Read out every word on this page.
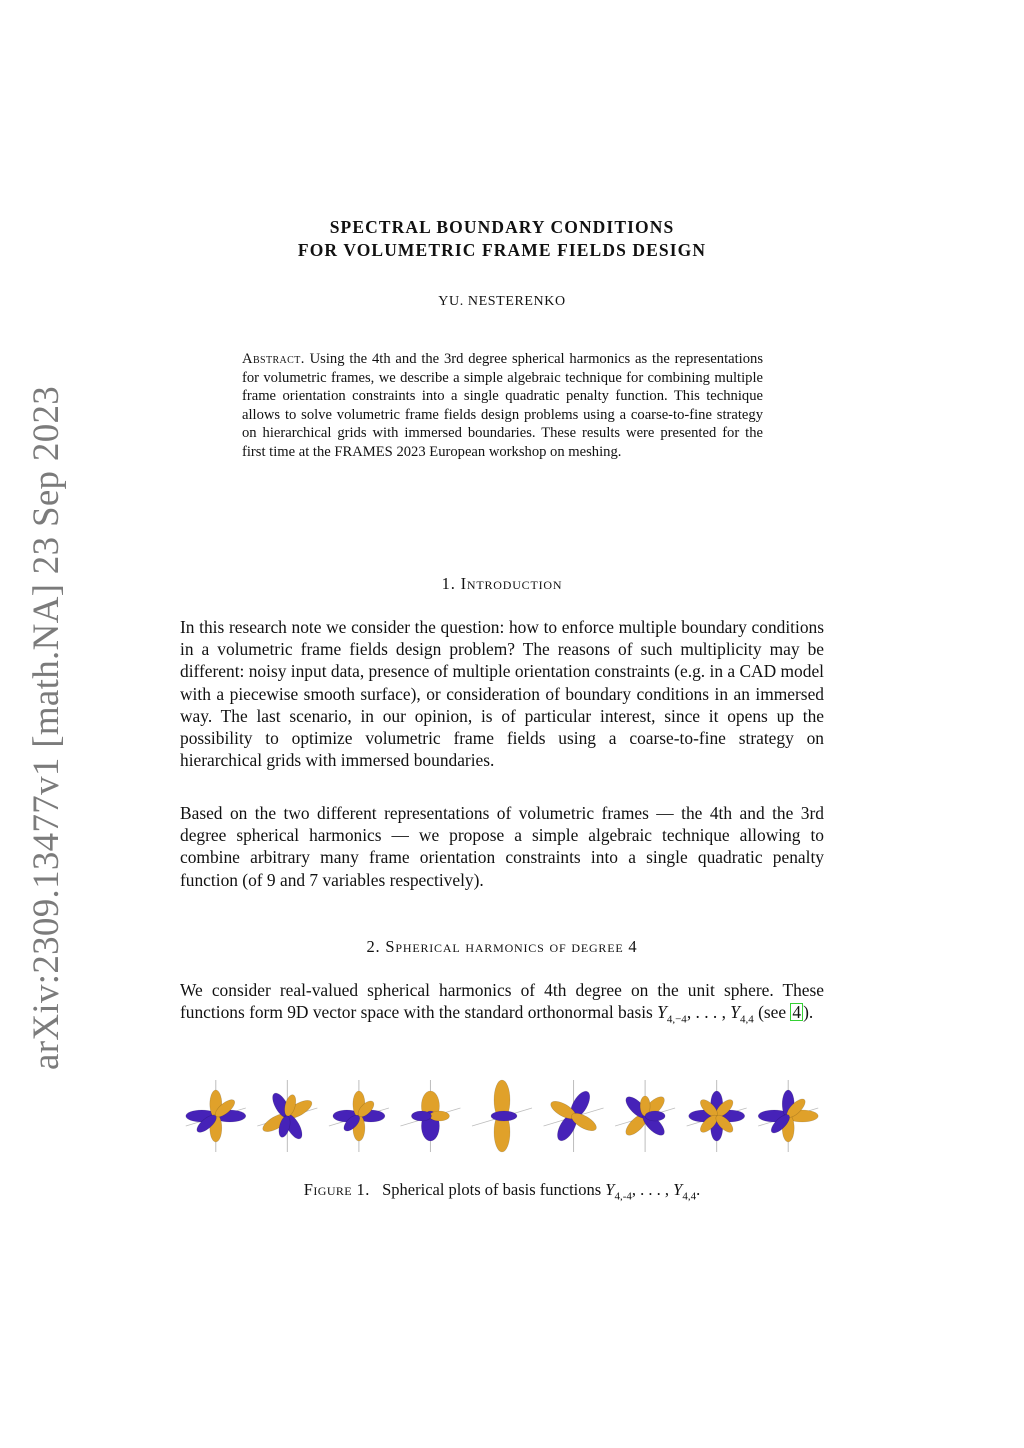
arXiv:2309.13477v1 [math.NA] 23 Sep 2023
SPECTRAL BOUNDARY CONDITIONS
FOR VOLUMETRIC FRAME FIELDS DESIGN
YU. NESTERENKO
Abstract. Using the 4th and the 3rd degree spherical harmonics as the representations for volumetric frames, we describe a simple algebraic technique for combining multiple frame orientation constraints into a single quadratic penalty function. This technique allows to solve volumetric frame fields design problems using a coarse-to-fine strategy on hierarchical grids with immersed boundaries. These results were presented for the first time at the FRAMES 2023 European workshop on meshing.
1. Introduction

In this research note we consider the question: how to enforce multiple boundary conditions in a volumetric frame fields design problem? The reasons of such multiplicity may be different: noisy input data, presence of multiple orientation constraints (e.g. in a CAD model with a piecewise smooth surface), or consideration of boundary conditions in an immersed way. The last scenario, in our opinion, is of particular interest, since it opens up the possibility to optimize volumetric frame fields using a coarse-to-fine strategy on hierarchical grids with immersed boundaries.

Based on the two different representations of volumetric frames — the 4th and the 3rd degree spherical harmonics — we propose a simple algebraic technique allowing to combine arbitrary many frame orientation constraints into a single quadratic penalty function (of 9 and 7 variables respectively).

2. Spherical harmonics of degree 4

We consider real-valued spherical harmonics of 4th degree on the unit sphere. These functions form 9D vector space with the standard orthonormal basis $Y_{4,-4}$, . . . , $Y_{4,4}$ (see 4 ).

Figure 1. Spherical plots of basis functions $Y_{4,-4}$, . . . , $Y_{4,4}$.
